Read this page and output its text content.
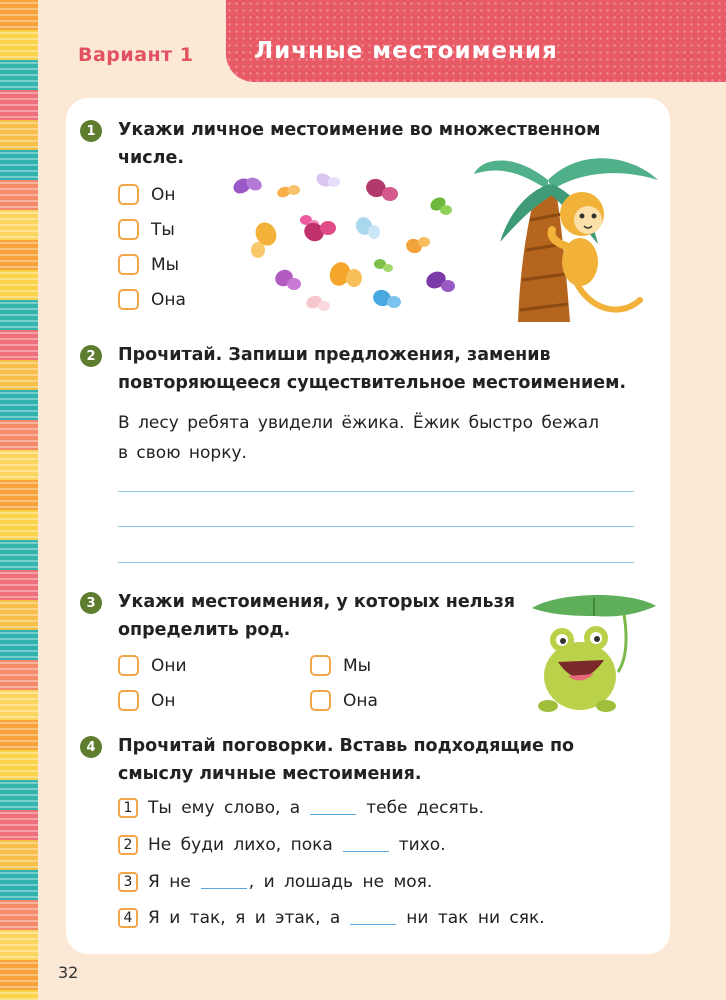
Вариант 1	Личные местоимения
1	Укажи личное местоимение во множественном
числе.
Он
Ты
Мы
Она
2	Прочитай. Запиши предложения, заменив
повторяющееся существительное местоимением.
В лесу ребята увидели ёжика. Ёжик быстро бежал
в свою норку.
3	Укажи местоимения, у которых нельзя
определить род.
Они	Мы
Он	Она
4	Прочитай поговорки. Вставь подходящие по
смыслу личные местоимения.
1 Ты ему слово, а	тебе десять.
2 Не буди лихо, пока	тихо.
3 Я не	, и лошадь не моя.
4 Я и так, я и этак, а	ни так ни сяк.
32
